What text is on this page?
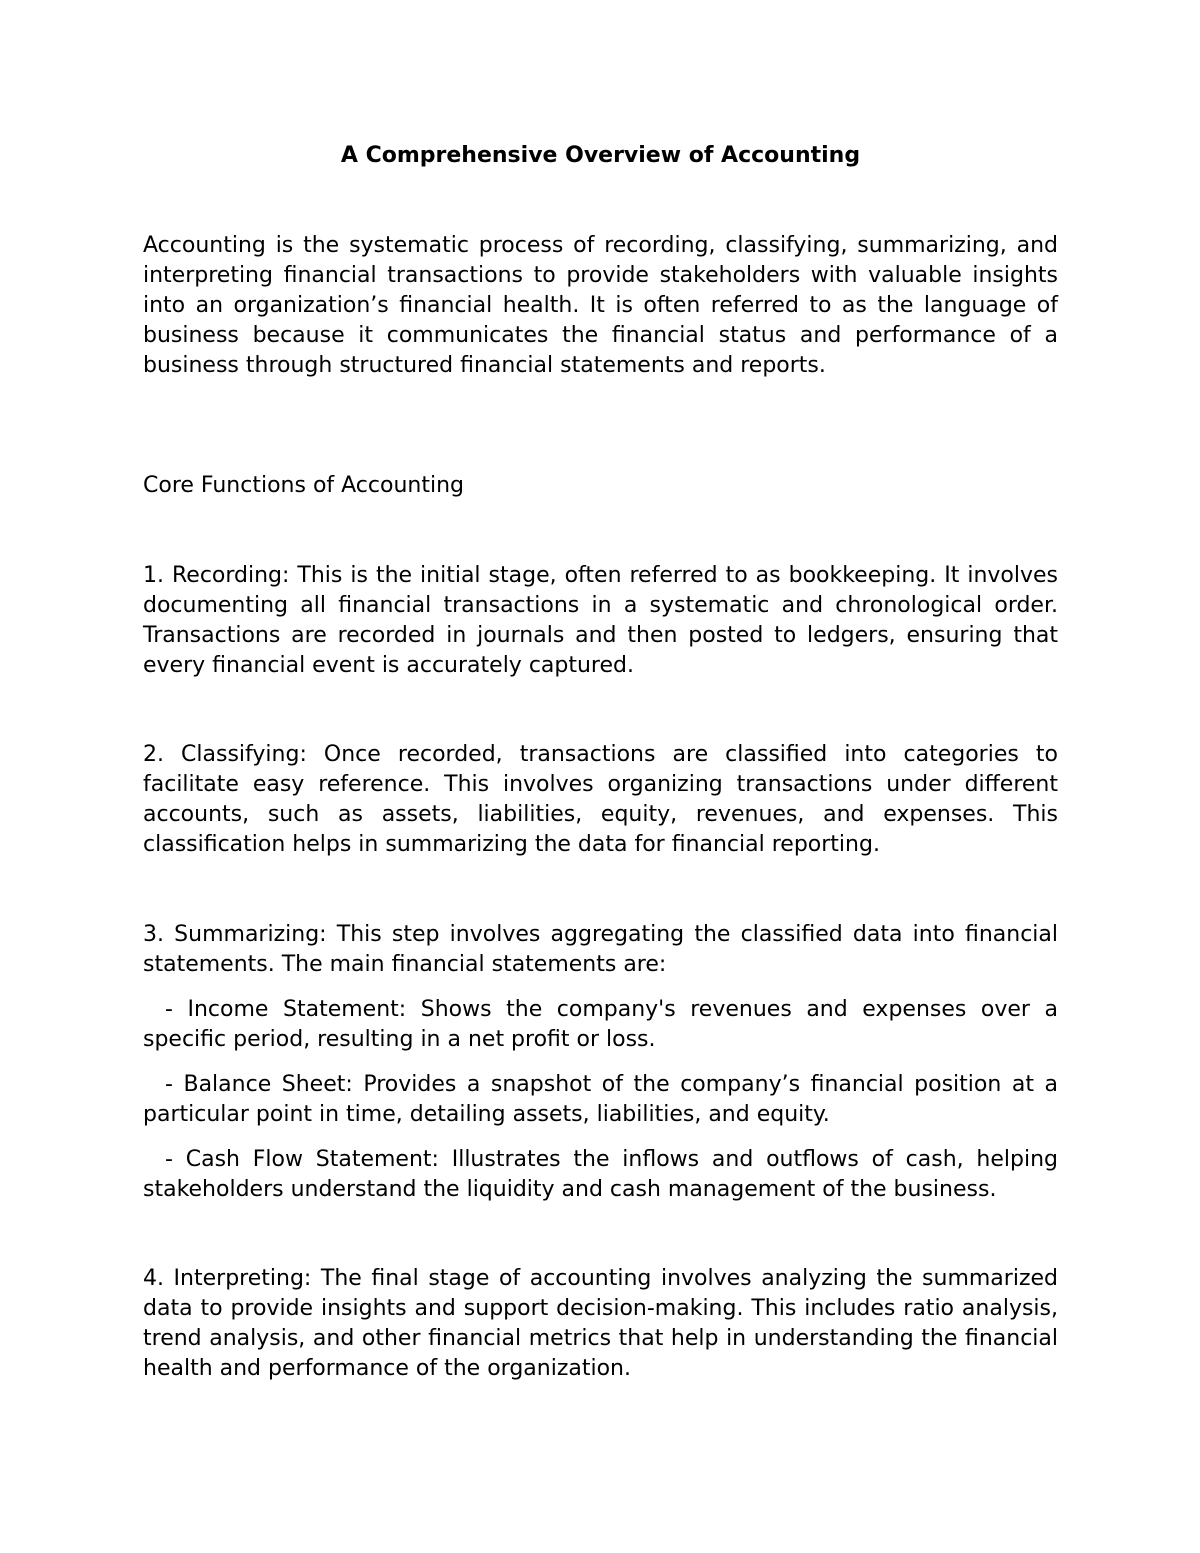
A Comprehensive Overview of Accounting

Accounting is the systematic process of recording, classifying, summarizing, and interpreting financial transactions to provide stakeholders with valuable insights into an organization’s financial health. It is often referred to as the language of business because it communicates the financial status and performance of a business through structured financial statements and reports.

Core Functions of Accounting

1. Recording: This is the initial stage, often referred to as bookkeeping. It involves documenting all financial transactions in a systematic and chronological order. Transactions are recorded in journals and then posted to ledgers, ensuring that every financial event is accurately captured.

2. Classifying: Once recorded, transactions are classified into categories to facilitate easy reference. This involves organizing transactions under different accounts, such as assets, liabilities, equity, revenues, and expenses. This classification helps in summarizing the data for financial reporting.

3. Summarizing: This step involves aggregating the classified data into financial statements. The main financial statements are:

- Income Statement: Shows the company's revenues and expenses over a specific period, resulting in a net profit or loss.

- Balance Sheet: Provides a snapshot of the company’s financial position at a particular point in time, detailing assets, liabilities, and equity.

- Cash Flow Statement: Illustrates the inflows and outflows of cash, helping stakeholders understand the liquidity and cash management of the business.

4. Interpreting: The final stage of accounting involves analyzing the summarized data to provide insights and support decision-making. This includes ratio analysis, trend analysis, and other financial metrics that help in understanding the financial health and performance of the organization.
